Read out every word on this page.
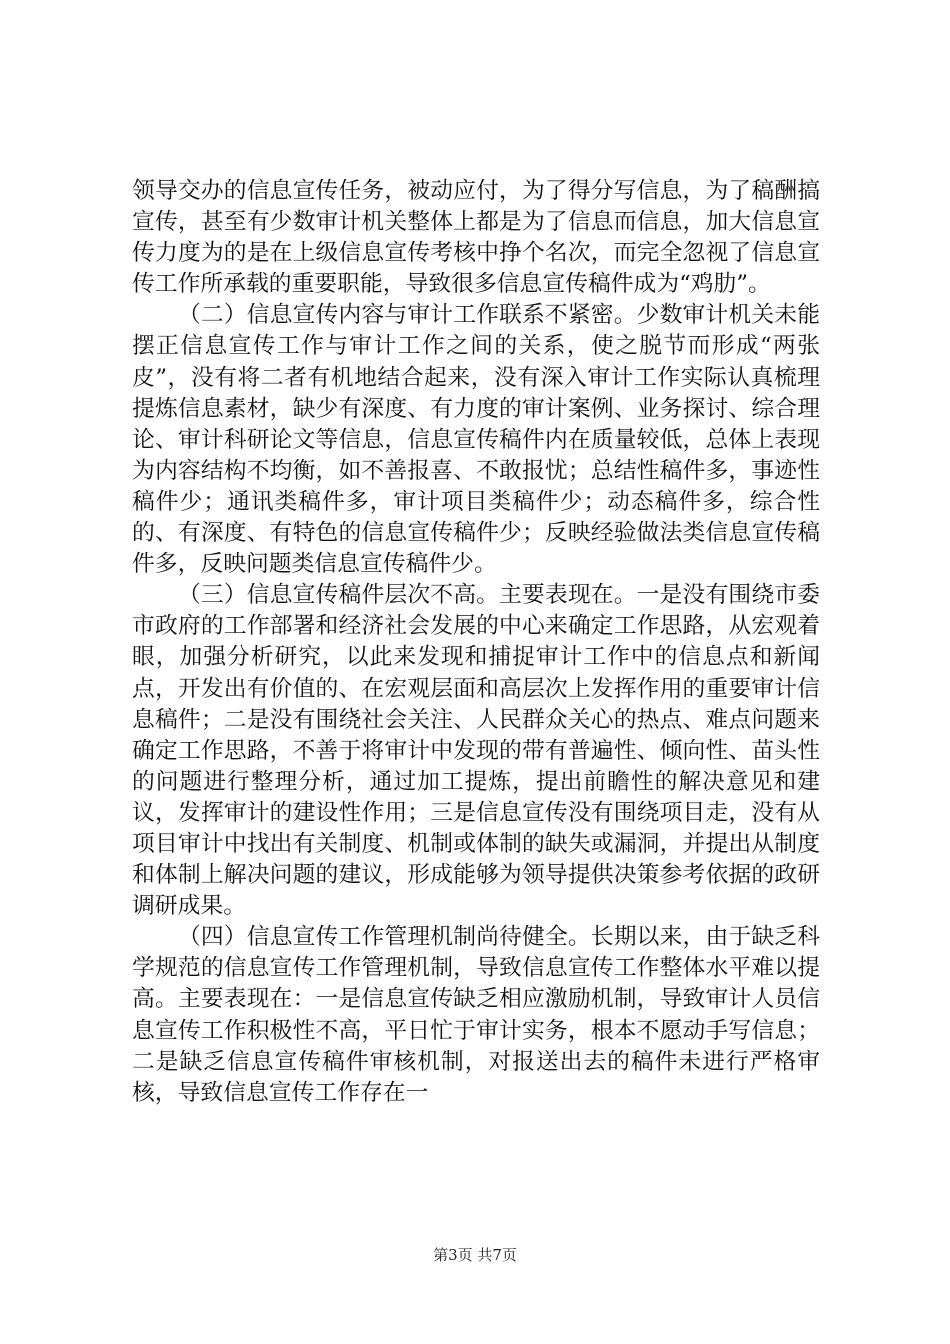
领导交办的信息宣传任务，被动应付，为了得分写信息，为了稿酬搞宣传，甚至有少数审计机关整体上都是为了信息而信息，加大信息宣传力度为的是在上级信息宣传考核中挣个名次，而完全忽视了信息宣传工作所承载的重要职能，导致很多信息宣传稿件成为“鸡肋”。

（二）信息宣传内容与审计工作联系不紧密。少数审计机关未能摆正信息宣传工作与审计工作之间的关系，使之脱节而形成“两张皮”，没有将二者有机地结合起来，没有深入审计工作实际认真梳理提炼信息素材，缺少有深度、有力度的审计案例、业务探讨、综合理论、审计科研论文等信息，信息宣传稿件内在质量较低，总体上表现为内容结构不均衡，如不善报喜、不敢报忧；总结性稿件多，事迹性稿件少；通讯类稿件多，审计项目类稿件少；动态稿件多，综合性的、有深度、有特色的信息宣传稿件少；反映经验做法类信息宣传稿件多，反映问题类信息宣传稿件少。

（三）信息宣传稿件层次不高。主要表现在。一是没有围绕市委市政府的工作部署和经济社会发展的中心来确定工作思路，从宏观着眼，加强分析研究，以此来发现和捕捉审计工作中的信息点和新闻点，开发出有价值的、在宏观层面和高层次上发挥作用的重要审计信息稿件；二是没有围绕社会关注、人民群众关心的热点、难点问题来确定工作思路，不善于将审计中发现的带有普遍性、倾向性、苗头性的问题进行整理分析，通过加工提炼，提出前瞻性的解决意见和建议，发挥审计的建设性作用；三是信息宣传没有围绕项目走，没有从项目审计中找出有关制度、机制或体制的缺失或漏洞，并提出从制度和体制上解决问题的建议，形成能够为领导提供决策参考依据的政研调研成果。

（四）信息宣传工作管理机制尚待健全。长期以来，由于缺乏科学规范的信息宣传工作管理机制，导致信息宣传工作整体水平难以提高。主要表现在：一是信息宣传缺乏相应激励机制，导致审计人员信息宣传工作积极性不高，平日忙于审计实务，根本不愿动手写信息；二是缺乏信息宣传稿件审核机制，对报送出去的稿件未进行严格审核，导致信息宣传工作存在一

第3页 共7页
